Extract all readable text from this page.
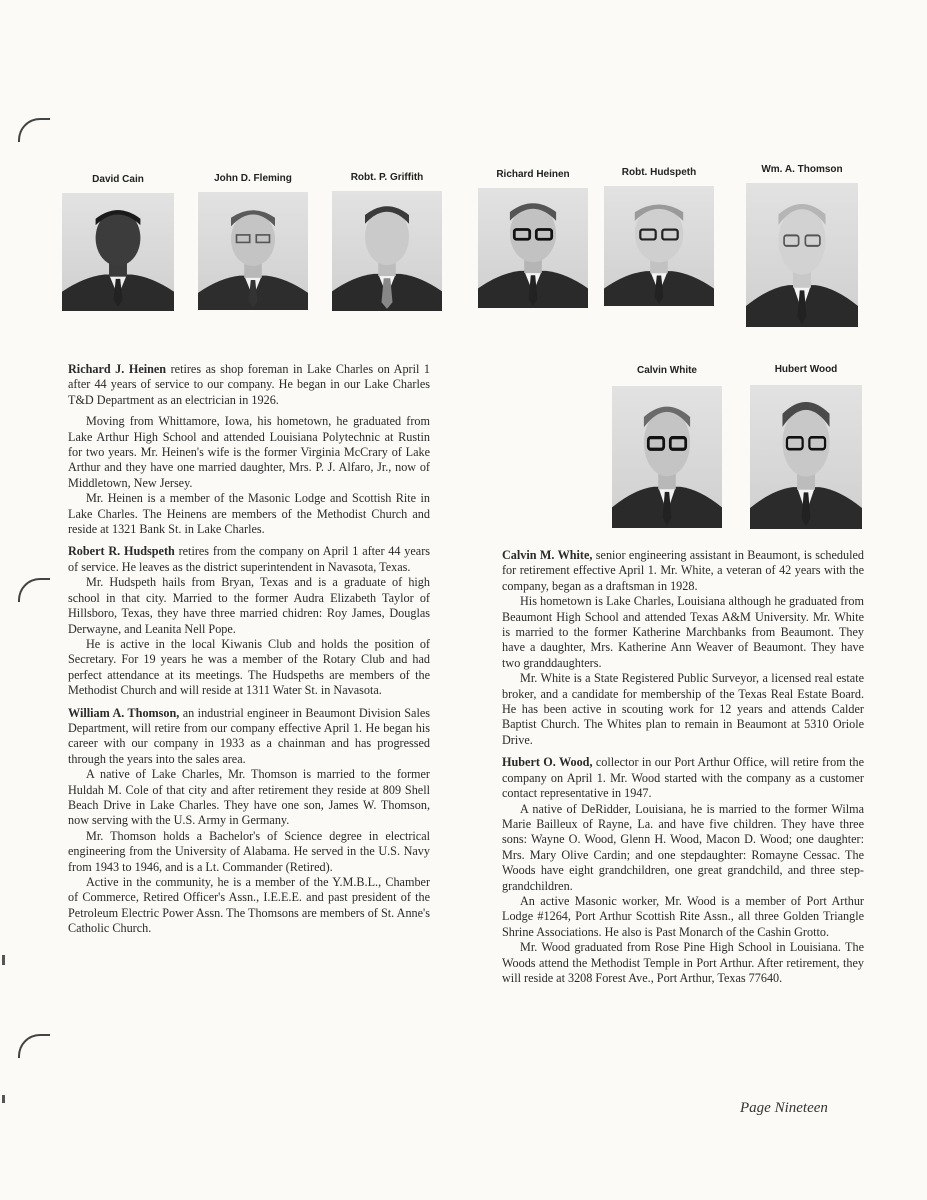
David Cain	John D. Fleming	Robt. P. Griffith	Richard Heinen	Robt. Hudspeth	Wm. A. Thomson
Calvin White	Hubert Wood

Richard J. Heinen retires as shop foreman in Lake Charles on April 1 after 44 years of service to our company. He began in our Lake Charles T&D Department as an electrician in 1926.

Moving from Whittamore, Iowa, his hometown, he graduated from Lake Arthur High School and attended Louisiana Polytechnic at Rustin for two years. Mr. Heinen's wife is the former Virginia McCrary of Lake Arthur and they have one married daughter, Mrs. P. J. Alfaro, Jr., now of Middletown, New Jersey.

Mr. Heinen is a member of the Masonic Lodge and Scottish Rite in Lake Charles. The Heinens are members of the Methodist Church and reside at 1321 Bank St. in Lake Charles.

Robert R. Hudspeth retires from the company on April 1 after 44 years of service. He leaves as the district superintendent in Navasota, Texas.

Mr. Hudspeth hails from Bryan, Texas and is a graduate of high school in that city. Married to the former Audra Elizabeth Taylor of Hillsboro, Texas, they have three married chidren: Roy James, Douglas Derwayne, and Leanita Nell Pope.

He is active in the local Kiwanis Club and holds the position of Secretary. For 19 years he was a member of the Rotary Club and had perfect attendance at its meetings. The Hudspeths are members of the Methodist Church and will reside at 1311 Water St. in Navasota.

William A. Thomson, an industrial engineer in Beaumont Division Sales Department, will retire from our company effective April 1. He began his career with our company in 1933 as a chainman and has progressed through the years into the sales area.

A native of Lake Charles, Mr. Thomson is married to the former Huldah M. Cole of that city and after retirement they reside at 809 Shell Beach Drive in Lake Charles. They have one son, James W. Thomson, now serving with the U.S. Army in Germany.

Mr. Thomson holds a Bachelor's of Science degree in electrical engineering from the University of Alabama. He served in the U.S. Navy from 1943 to 1946, and is a Lt. Commander (Retired).

Active in the community, he is a member of the Y.M.B.L., Chamber of Commerce, Retired Officer's Assn., I.E.E.E. and past president of the Petroleum Electric Power Assn. The Thomsons are members of St. Anne's Catholic Church.

Calvin M. White, senior engineering assistant in Beaumont, is scheduled for retirement effective April 1. Mr. White, a veteran of 42 years with the company, began as a draftsman in 1928.

His hometown is Lake Charles, Louisiana although he graduated from Beaumont High School and attended Texas A&M University. Mr. White is married to the former Katherine Marchbanks from Beaumont. They have a daughter, Mrs. Katherine Ann Weaver of Beaumont. They have two granddaughters.

Mr. White is a State Registered Public Surveyor, a licensed real estate broker, and a candidate for membership of the Texas Real Estate Board. He has been active in scouting work for 12 years and attends Calder Baptist Church. The Whites plan to remain in Beaumont at 5310 Oriole Drive.

Hubert O. Wood, collector in our Port Arthur Office, will retire from the company on April 1. Mr. Wood started with the company as a customer contact representative in 1947.

A native of DeRidder, Louisiana, he is married to the former Wilma Marie Bailleux of Rayne, La. and have five children. They have three sons: Wayne O. Wood, Glenn H. Wood, Macon D. Wood; one daughter: Mrs. Mary Olive Cardin; and one stepdaughter: Romayne Cessac. The Woods have eight grandchildren, one great grandchild, and three step-grandchildren.

An active Masonic worker, Mr. Wood is a member of Port Arthur Lodge #1264, Port Arthur Scottish Rite Assn., all three Golden Triangle Shrine Associations. He also is Past Monarch of the Cashin Grotto.

Mr. Wood graduated from Rose Pine High School in Louisiana. The Woods attend the Methodist Temple in Port Arthur. After retirement, they will reside at 3208 Forest Ave., Port Arthur, Texas 77640.

Page Nineteen
